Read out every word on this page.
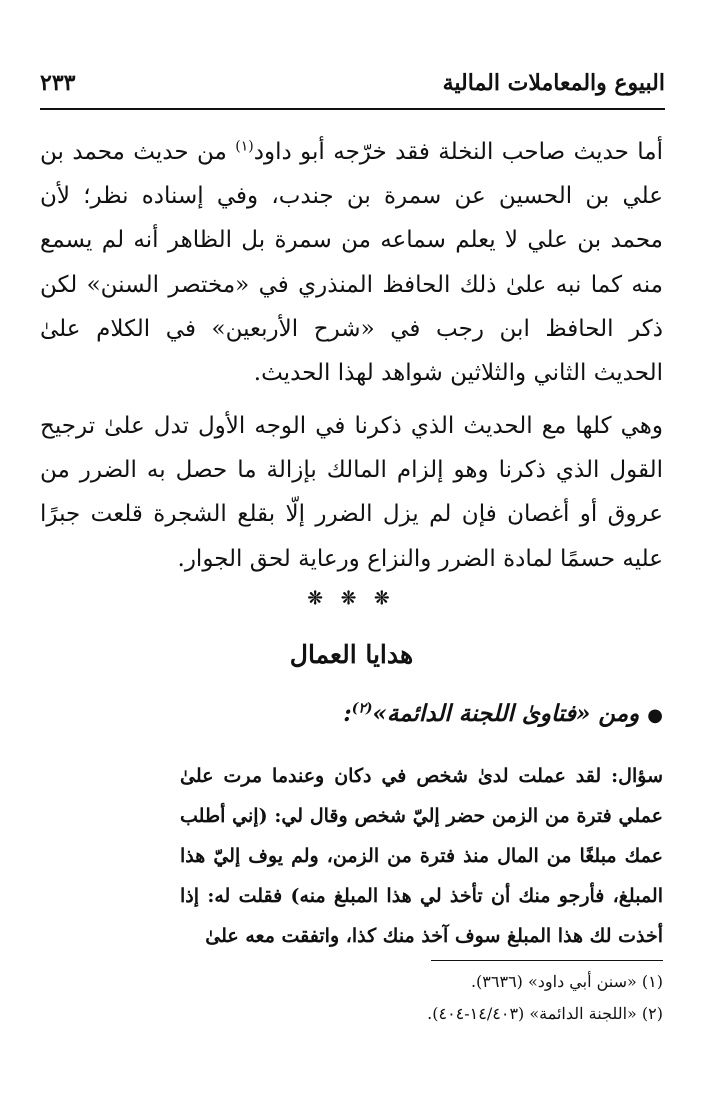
البيوع والمعاملات المالية
٢٣٣

أما حديث صاحب النخلة فقد خرّجه أبو داود$^{(١)}$ من حديث محمد بن علي بن الحسين عن سمرة بن جندب، وفي إسناده نظر؛ لأن محمد بن علي لا يعلم سماعه من سمرة بل الظاهر أنه لم يسمع منه كما نبه علىٰ ذلك الحافظ المنذري في «مختصر السنن» لكن ذكر الحافظ ابن رجب في «شرح الأربعين» في الكلام علىٰ الحديث الثاني والثلاثين شواهد لهذا الحديث.

وهي كلها مع الحديث الذي ذكرنا في الوجه الأول تدل علىٰ ترجيح القول الذي ذكرنا وهو إلزام المالك بإزالة ما حصل به الضرر من عروق أو أغصان فإن لم يزل الضرر إلّا بقلع الشجرة قلعت جبرًا عليه حسمًا لمادة الضرر والنزاع ورعاية لحق الجوار.

❊ ❊ ❊
هدايا العمال
●ومن «فتاوىٰ اللجنة الدائمة»$^{(٢)}$:

سؤال: لقد عملت لدىٰ شخص في دكان وعندما مرت علىٰ عملي فترة من الزمن حضر إليّ شخص وقال لي: (إني أطلب عمك مبلغًا من المال منذ فترة من الزمن، ولم يوف إليّ هذا المبلغ، فأرجو منك أن تأخذ لي هذا المبلغ منه) فقلت له: إذا أخذت لك هذا المبلغ سوف آخذ منك كذا، واتفقت معه علىٰ

(١) «سنن أبي داود» (٣٦٣٦).
(٢) «اللجنة الدائمة» (١٤/٤٠٣-٤٠٤).
